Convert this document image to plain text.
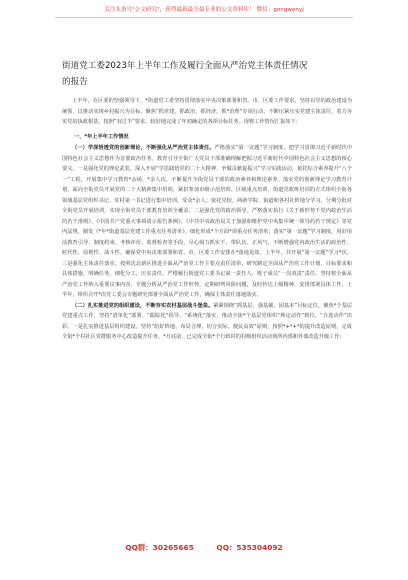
关注头条号"公文研究"，获得最新最全最专业的公文资料库！ 微信：gongwenyj
街道党工委2023年上半年工作及履行全面从严治党主体责任情况
的报告

上半年，在区委的坚强领导下，*街道党工委坚持贯彻落实中央决策部署和省、市、区委工作要求，坚持以党的政治建设为统领，以推动实现乡村振兴为目标，聚焦“抓党建，抓政治，抓经济，抓*治理”专项行动，不断压紧压实党建主体责任，着力夯实党的执政根基，按照“双过半”要求，较好地完成了年初确定的各项目标任务。现将工作情况汇报如下：

一、*年上半年工作情况

（一）学深悟透党的创新理论，不断强化从严治党主体责任。严格落实“第一议题”学习制度，把学习贯彻习近平新时代中国特色社会主义思想作为首要政治任务。教育引导全街广大党员干部准确理解把握习近平新时代中国特色社会主义思想的核心要义。一是强化党的理论武装，深入开展“学思践悟党的二十大精神、争做贡献促振兴”学习实践活动，依托综合素养提升“八个一”工程，开展集中学习教育*余场、*余人次，不断提升全街党员干部的政治素养和理论素养。落实党的创新理论学习教育计划，面向全街党员开展党的二十大精神集中培训，紧扣参加市级示范培训、区级重点培训、街道党政班培训的方式组织全街各领域基层党组织书记、驻村第一书记进行集中培训，受众*余人；依托党校、两新学院、街道和各村社阵地分学习，分期分批对全街党员开展培训，实现全街党员干部教育培训全覆盖。二是强化党的政治领导。严格落实执行《关于新形势下党内政治生活的若干准则》、《中国共产党重大事项请示报告条例》、《中共中央政治局关于加强和维护党中央集中统一领导的若干规定》等党内法规，制发《*年*街道基层党建工作重点任务清单》，细化形成*个方面*项重点任务清单；落实“第一议题”学习制度，用好用活教育引导、制度约束、考核评价、监督检查等手段，尽心竭力抓实干、带队伍、正风气，不断增强党内政治生活的政治性、时代性、原则性、战斗性，确保党中央决策部署和省、市、区委工作安排在*落地见效。上半年，共开展“第一议题”学习*次。三是强化主体责任落实。按照沈北新区推进全面从严治党工作主要点责任清单，研究制定全面从严治党工作计划、目标要求和具体措施，明确任务，细化分工，压实责任。严格履行街道党工委书记第一责任人、班子成员“一岗双责”责任。坚持将全面从严治党工作纳入重要议事内容，专题分析从严治党工作形势，定期研判风险问题，及时传达上级精神，安排部署具体工作。上半年，组织召开*次党工委会专题研究部署全面从严治党工作，确保主体责任落地落实。

（二）扎实推进党的组织建设，不断夯实农村基层战斗堡垒。紧紧围绕“抓基层、强基础、固基本”目标定位，聚焦*个基层党建重点工作，坚持“清单化”部署、“跟踪化”指导、“系统化”落实，推动全街*个基层党组织“规定动作”到位、“自选动作”出彩。一是扎实推进基层组织建设。坚持“给好阵地、布局合理、切合实际、便民高效”原则，按照*+*+*的提升改造原则，完成全街*个村社区党群服务中心改造提升任务。*月底前，已完成全街*个行政村的村级组织活动场所内部和外部改造升级工作；

QQ群：30265665	QQ：535304092
